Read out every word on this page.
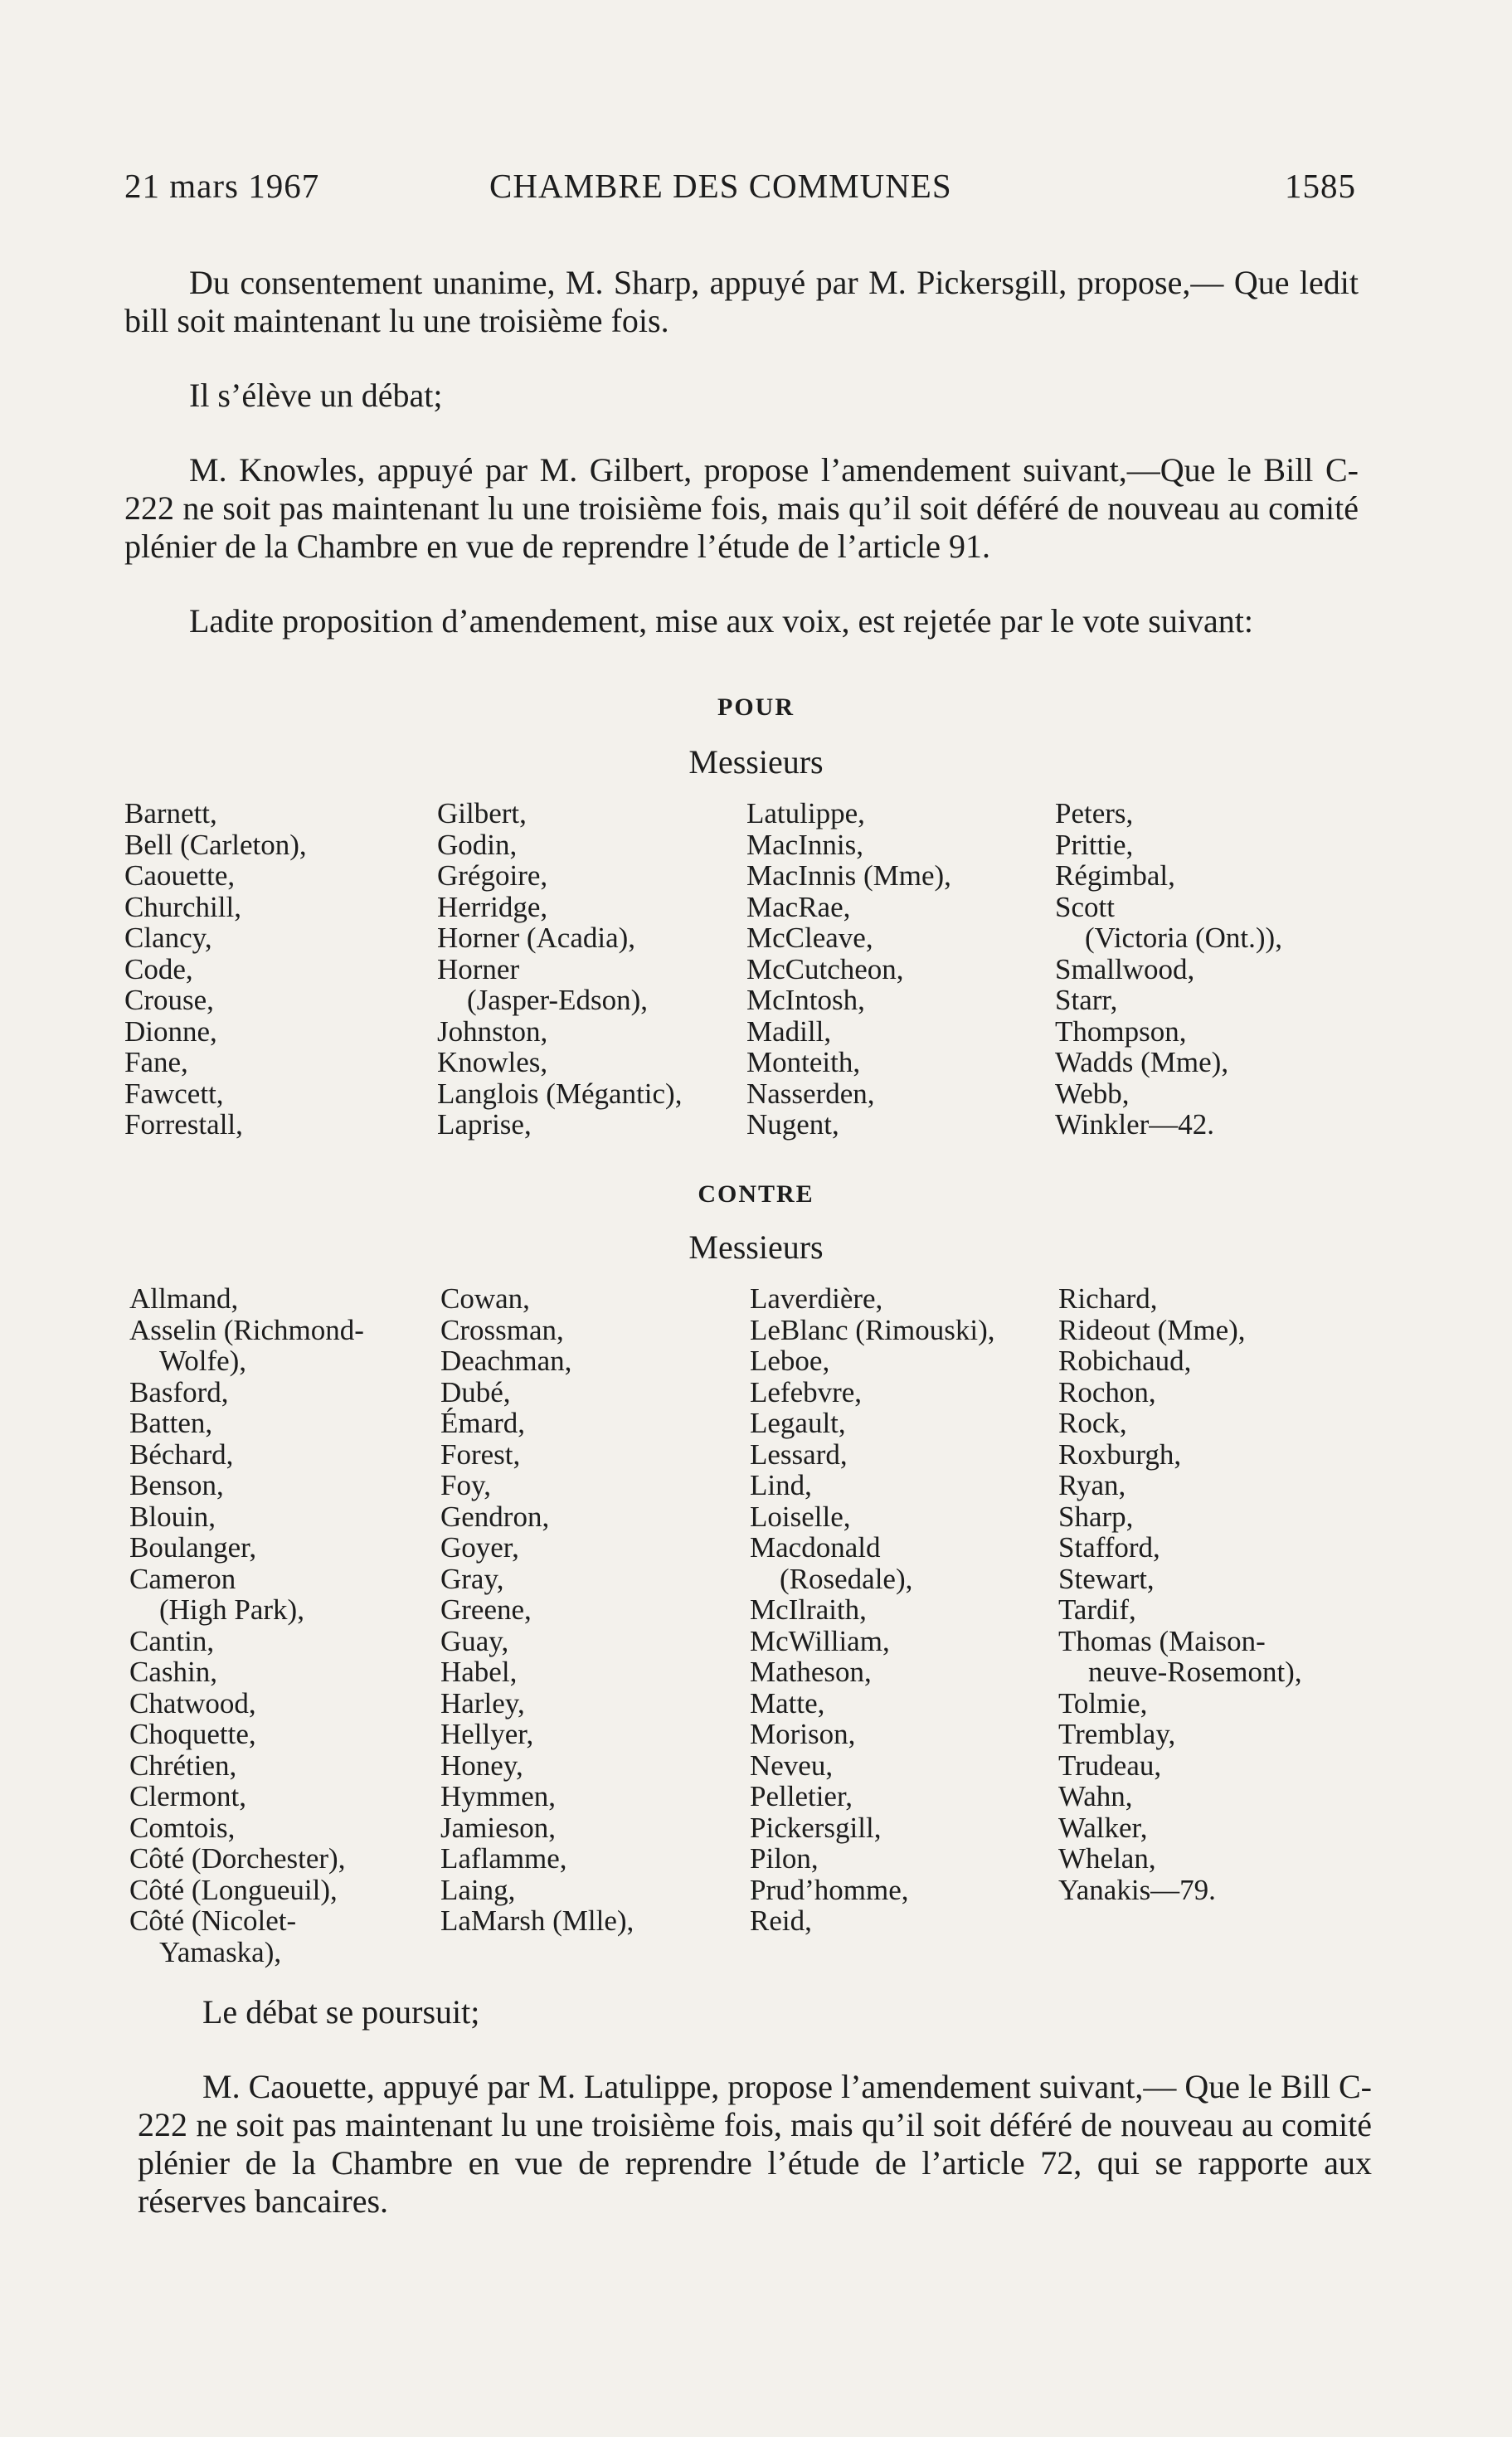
21 mars 1967	CHAMBRE DES COMMUNES	1585

Du consentement unanime, M. Sharp, appuyé par M. Pickersgill, propose,— Que ledit bill soit maintenant lu une troisième fois.

Il s’élève un débat;

M. Knowles, appuyé par M. Gilbert, propose l’amendement suivant,—Que le Bill C-222 ne soit pas maintenant lu une troisième fois, mais qu’il soit déféré de nouveau au comité plénier de la Chambre en vue de reprendre l’étude de l’article 91.

Ladite proposition d’amendement, mise aux voix, est rejetée par le vote suivant:

POUR
Messieurs
Barnett,
Bell (Carleton),
Caouette,
Churchill,
Clancy,
Code,
Crouse,
Dionne,
Fane,
Fawcett,
Forrestall,
Gilbert,
Godin,
Grégoire,
Herridge,
Horner (Acadia),
Horner
(Jasper-Edson),
Johnston,
Knowles,
Langlois (Mégantic),
Laprise,
Latulippe,
MacInnis,
MacInnis (Mme),
MacRae,
McCleave,
McCutcheon,
McIntosh,
Madill,
Monteith,
Nasserden,
Nugent,
Peters,
Prittie,
Régimbal,
Scott
(Victoria (Ont.)),
Smallwood,
Starr,
Thompson,
Wadds (Mme),
Webb,
Winkler—42.
CONTRE
Messieurs
Allmand,
Asselin (Richmond-
Wolfe),
Basford,
Batten,
Béchard,
Benson,
Blouin,
Boulanger,
Cameron
(High Park),
Cantin,
Cashin,
Chatwood,
Choquette,
Chrétien,
Clermont,
Comtois,
Côté (Dorchester),
Côté (Longueuil),
Côté (Nicolet-
Yamaska),
Cowan,
Crossman,
Deachman,
Dubé,
Émard,
Forest,
Foy,
Gendron,
Goyer,
Gray,
Greene,
Guay,
Habel,
Harley,
Hellyer,
Honey,
Hymmen,
Jamieson,
Laflamme,
Laing,
LaMarsh (Mlle),
Laverdière,
LeBlanc (Rimouski),
Leboe,
Lefebvre,
Legault,
Lessard,
Lind,
Loiselle,
Macdonald
(Rosedale),
McIlraith,
McWilliam,
Matheson,
Matte,
Morison,
Neveu,
Pelletier,
Pickersgill,
Pilon,
Prud’homme,
Reid,
Richard,
Rideout (Mme),
Robichaud,
Rochon,
Rock,
Roxburgh,
Ryan,
Sharp,
Stafford,
Stewart,
Tardif,
Thomas (Maison-
neuve-Rosemont),
Tolmie,
Tremblay,
Trudeau,
Wahn,
Walker,
Whelan,
Yanakis—79.

Le débat se poursuit;

M. Caouette, appuyé par M. Latulippe, propose l’amendement suivant,— Que le Bill C-222 ne soit pas maintenant lu une troisième fois, mais qu’il soit déféré de nouveau au comité plénier de la Chambre en vue de reprendre l’étude de l’article 72, qui se rapporte aux réserves bancaires.
